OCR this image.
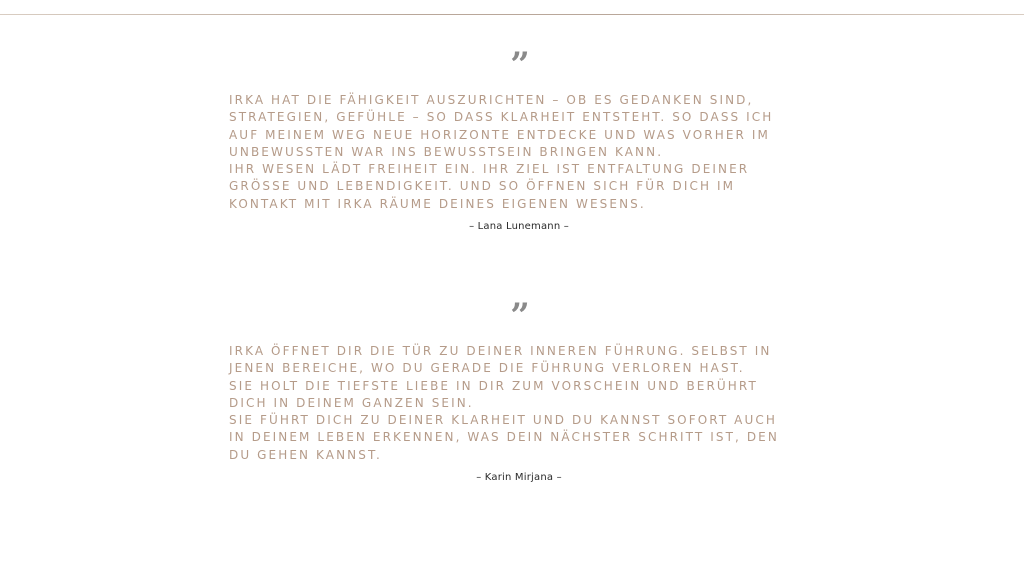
”

IRKA HAT DIE FÄHIGKEIT AUSZURICHTEN – OB ES GEDANKEN SIND,
STRATEGIEN, GEFÜHLE – SO DASS KLARHEIT ENTSTEHT. SO DASS ICH
AUF MEINEM WEG NEUE HORIZONTE ENTDECKE UND WAS VORHER IM
UNBEWUSSTEN WAR INS BEWUSSTSEIN BRINGEN KANN.
IHR WESEN LÄDT FREIHEIT EIN. IHR ZIEL IST ENTFALTUNG DEINER
GRÖSSE UND LEBENDIGKEIT. UND SO ÖFFNEN SICH FÜR DICH IM
KONTAKT MIT IRKA RÄUME DEINES EIGENEN WESENS.

– Lana Lunemann –
”

IRKA ÖFFNET DIR DIE TÜR ZU DEINER INNEREN FÜHRUNG. SELBST IN
JENEN BEREICHE, WO DU GERADE DIE FÜHRUNG VERLOREN HAST.
SIE HOLT DIE TIEFSTE LIEBE IN DIR ZUM VORSCHEIN UND BERÜHRT
DICH IN DEINEM GANZEN SEIN.
SIE FÜHRT DICH ZU DEINER KLARHEIT UND DU KANNST SOFORT AUCH
IN DEINEM LEBEN ERKENNEN, WAS DEIN NÄCHSTER SCHRITT IST, DEN
DU GEHEN KANNST.

– Karin Mirjana –
